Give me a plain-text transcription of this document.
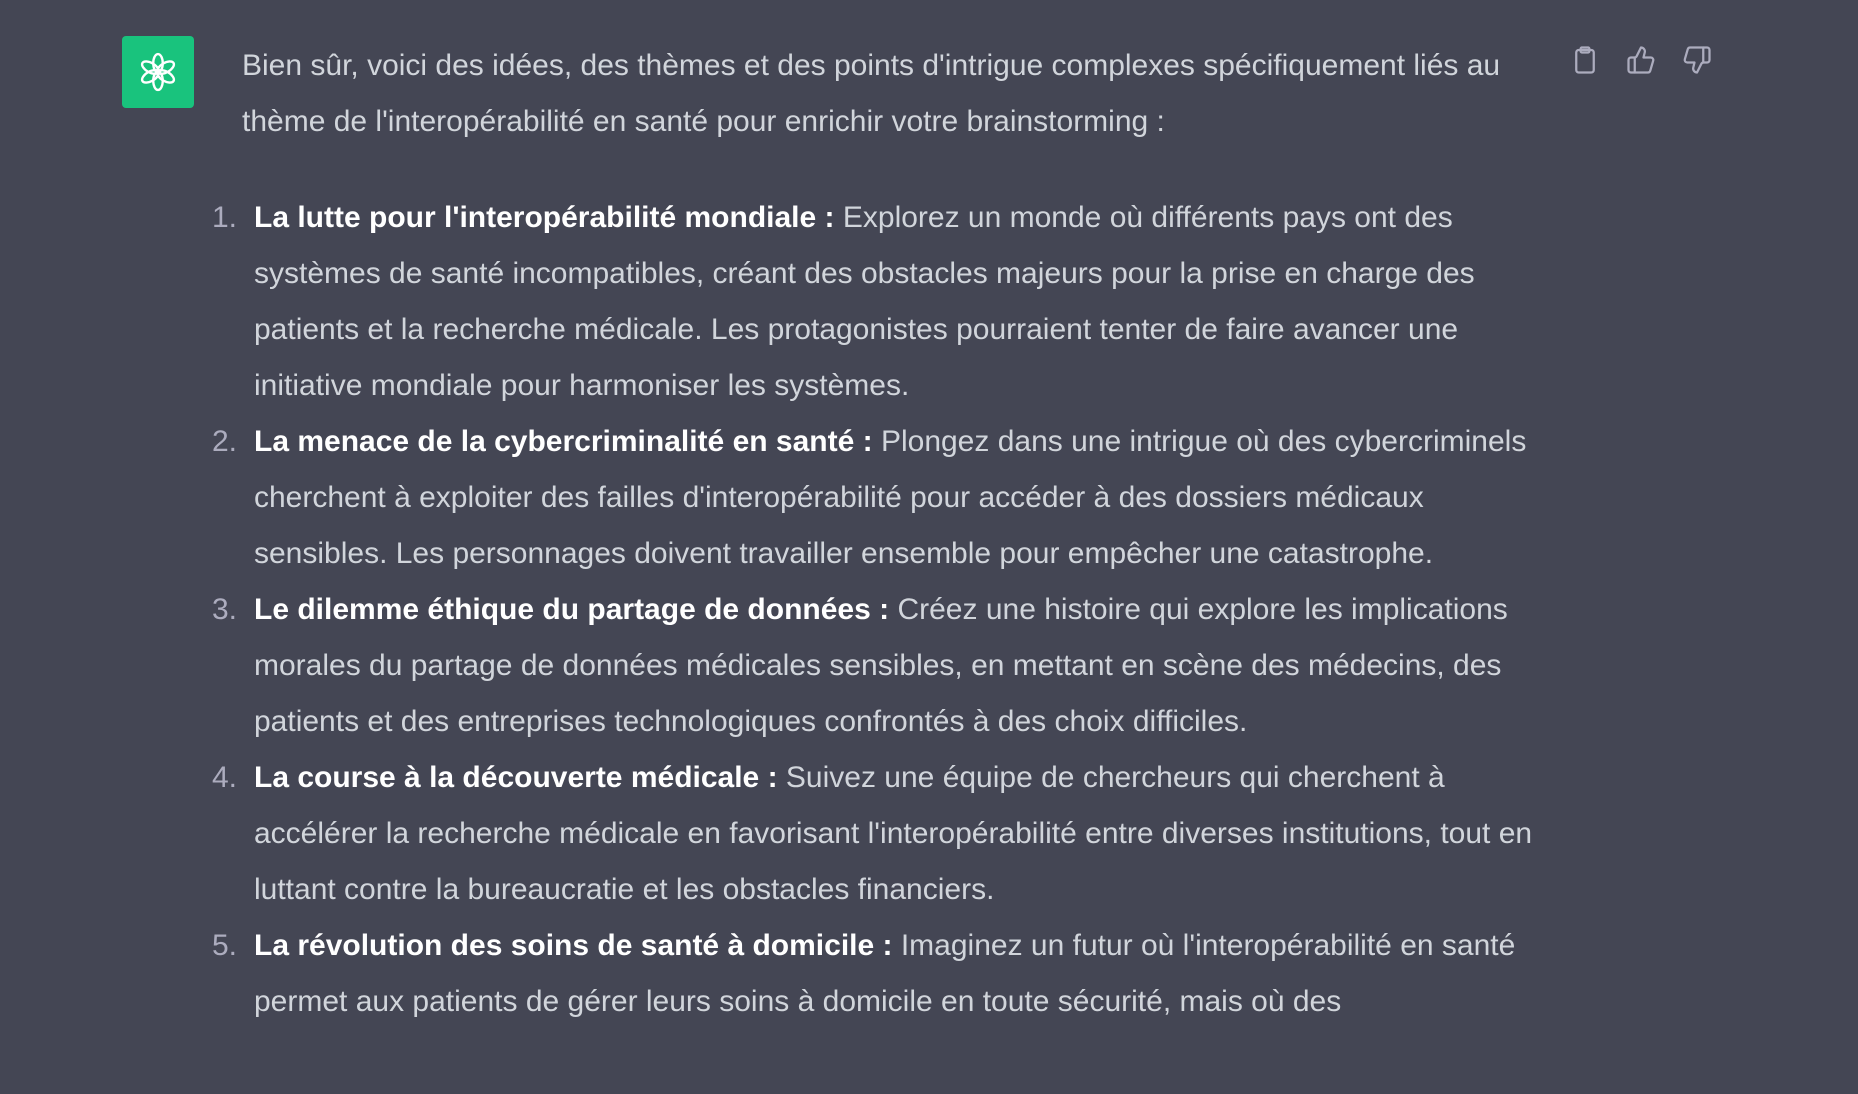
Bien sûr, voici des idées, des thèmes et des points d'intrigue complexes spécifiquement liés au thème de l'interopérabilité en santé pour enrichir votre brainstorming :

1. La lutte pour l'interopérabilité mondiale : Explorez un monde où différents pays ont des systèmes de santé incompatibles, créant des obstacles majeurs pour la prise en charge des patients et la recherche médicale. Les protagonistes pourraient tenter de faire avancer une initiative mondiale pour harmoniser les systèmes.
2. La menace de la cybercriminalité en santé : Plongez dans une intrigue où des cybercriminels cherchent à exploiter des failles d'interopérabilité pour accéder à des dossiers médicaux sensibles. Les personnages doivent travailler ensemble pour empêcher une catastrophe.
3. Le dilemme éthique du partage de données : Créez une histoire qui explore les implications morales du partage de données médicales sensibles, en mettant en scène des médecins, des patients et des entreprises technologiques confrontés à des choix difficiles.
4. La course à la découverte médicale : Suivez une équipe de chercheurs qui cherchent à accélérer la recherche médicale en favorisant l'interopérabilité entre diverses institutions, tout en luttant contre la bureaucratie et les obstacles financiers.
5. La révolution des soins de santé à domicile : Imaginez un futur où l'interopérabilité en santé permet aux patients de gérer leurs soins à domicile en toute sécurité, mais où des
